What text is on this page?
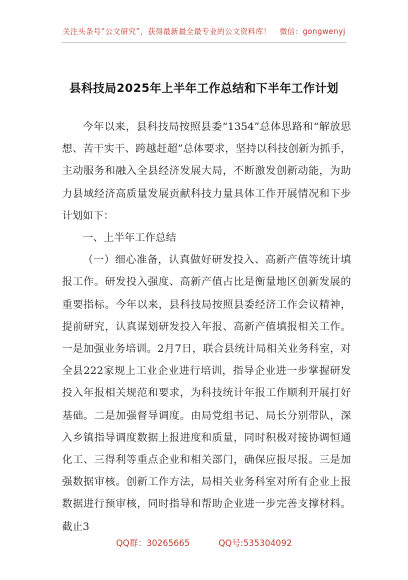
关注头条号“公文研究”，获得最新最全最专业的公文资料库！ 微信：gongwenyj
县科技局2025年上半年工作总结和下半年工作计划

今年以来，县科技局按照县委“1354”总体思路和“解放思想、苦干实干、跨越赶超”总体要求，坚持以科技创新为抓手，主动服务和融入全县经济发展大局，不断激发创新动能，为助力县域经济高质量发展贡献科技力量具体工作开展情况和下步计划如下：

一、上半年工作总结

（一）细心准备，认真做好研发投入、高新产值等统计填报工作。研发投入强度、高新产值占比是衡量地区创新发展的重要指标。今年以来，县科技局按照县委经济工作会议精神，提前研究，认真谋划研发投入年报、高新产值填报相关工作。一是加强业务培训。2月7日，联合县统计局相关业务科室，对全县222家规上工业企业进行培训，指导企业进一步掌握研发投入年报相关规范和要求，为科技统计年报工作顺利开展打好基础。二是加强督导调度。由局党组书记、局长分别带队，深入乡镇指导调度数据上报进度和质量，同时积极对接协调恒通化工、三得利等重点企业和相关部门，确保应报尽报。三是加强数据审核。创新工作方法，局相关业务科室对所有企业上报数据进行预审核，同时指导和帮助企业进一步完善支撑材料。截止3

QQ群：30265665	QQ号:535304092
